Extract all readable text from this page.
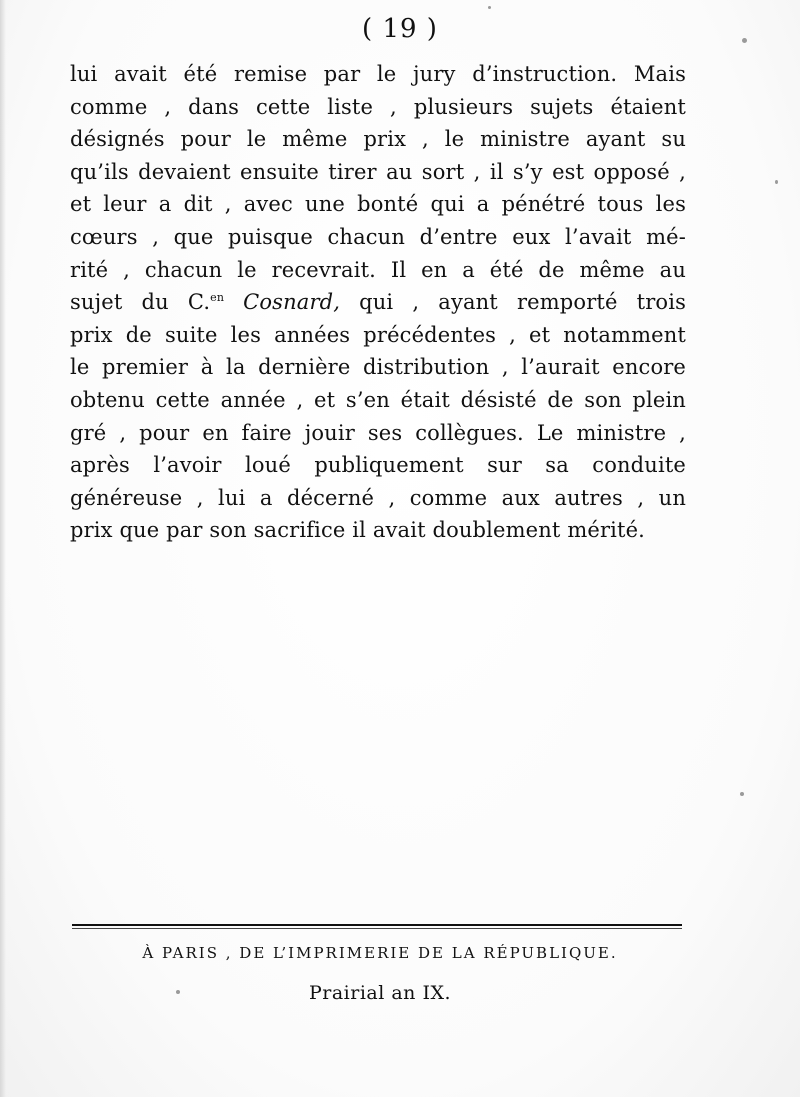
( 19 )
lui avait été remise par le jury d’instruction. Mais
comme , dans cette liste , plusieurs sujets étaient
désignés pour le même prix , le ministre ayant su
qu’ils devaient ensuite tirer au sort , il s’y est opposé ,
et leur a dit , avec une bonté qui a pénétré tous les
cœurs , que puisque chacun d’entre eux l’avait mé-
rité , chacun le recevrait. Il en a été de même au
sujet du C.$^{en}$ Cosnard, qui , ayant remporté trois
prix de suite les années précédentes , et notamment
le premier à la dernière distribution , l’aurait encore
obtenu cette année , et s’en était désisté de son plein
gré , pour en faire jouir ses collègues. Le ministre ,
après l’avoir loué publiquement sur sa conduite
généreuse , lui a décerné , comme aux autres , un
prix que par son sacrifice il avait doublement mérité.
À PARIS , DE L’IMPRIMERIE DE LA RÉPUBLIQUE.
Prairial an IX.
